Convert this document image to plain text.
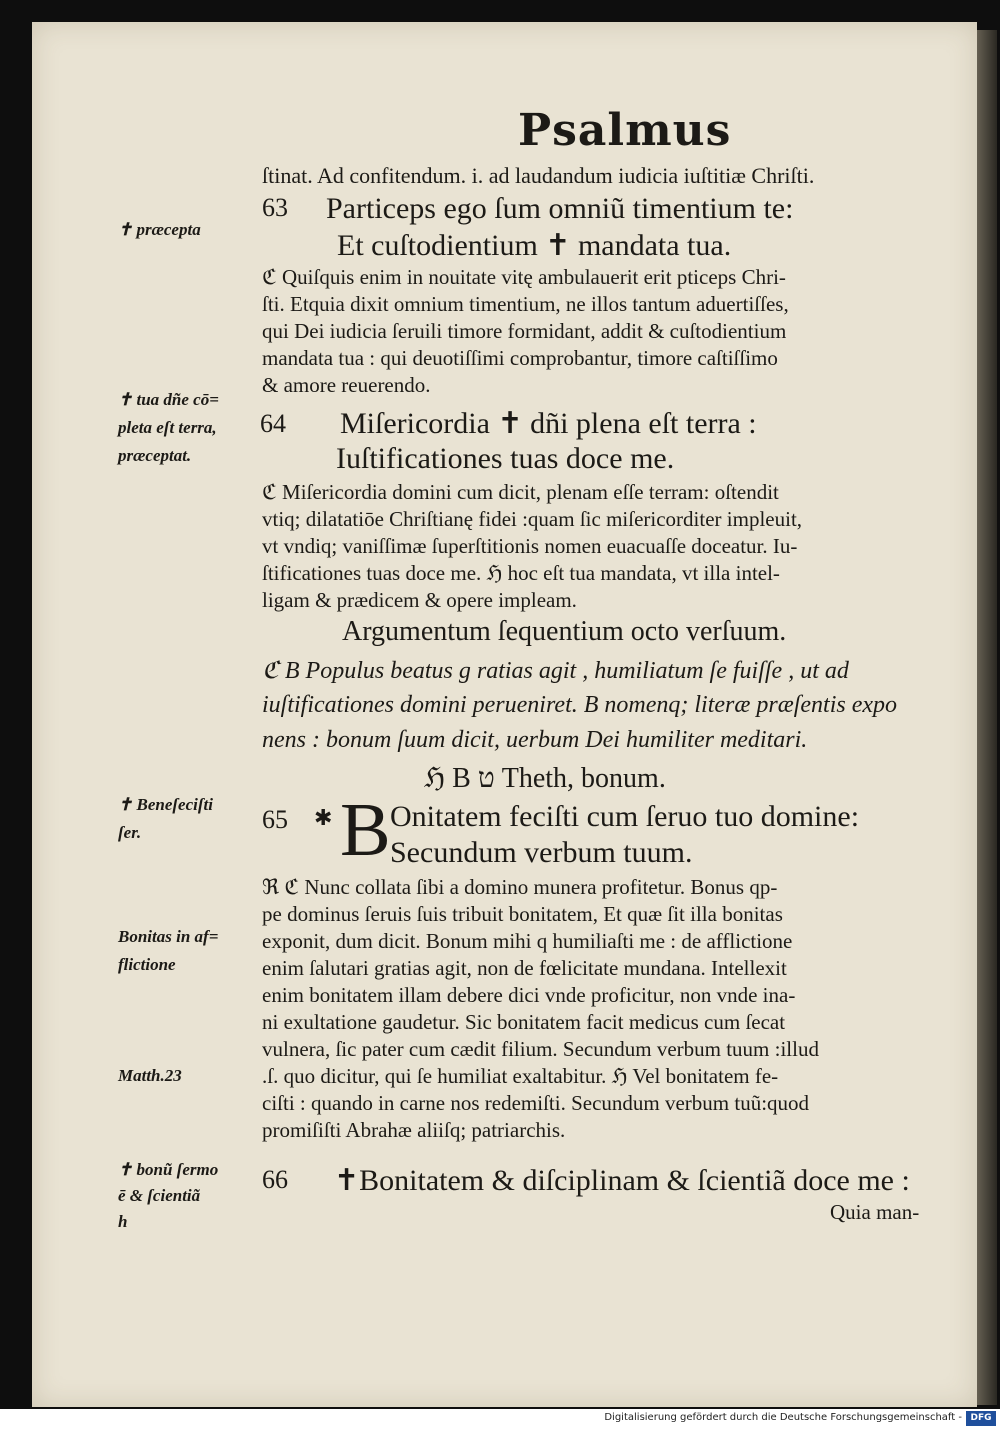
Psalmus
ſtinat. Ad confitendum. i. ad laudandum iudicia iuſtitiæ Chriſti.
63 Particeps ego ſum omniũ timentium te:
Et cuſtodientium ✝ mandata tua.
ℭ Quiſquis enim in nouitate vitę ambulauerit erit pticeps Chri-
ſti. Etquia dixit omnium timentium, ne illos tantum aduertiſſes,
qui Dei iudicia ſeruili timore formidant, addit & cuſtodientium
mandata tua : qui deuotiſſimi comprobantur, timore caſtiſſimo
& amore reuerendo.
64 Miſericordia ✝ dñi plena eſt terra :
Iuſtificationes tuas doce me.
ℭ Miſericordia domini cum dicit, plenam eſſe terram: oſtendit
vtiq; dilatatiōe Chriſtianę fidei :quam ſic miſericorditer impleuit,
vt vndiq; vaniſſimæ ſuperſtitionis nomen euacuaſſe doceatur. Iu-
ſtificationes tuas doce me. ℌ hoc eſt tua mandata, vt illa intel-
ligam & prædicem & opere impleam.
Argumentum ſequentium octo verſuum.
ℭ B Populus beatus g ratias agit , humiliatum ſe fuiſſe , ut ad
iuſtificationes domini perueniret. B nomenq; literæ præſentis expo
nens : bonum ſuum dicit, uerbum Dei humiliter meditari.
ℌ B ט Theth, bonum.
65 ✱ B Onitatem feciſti cum ſeruo tuo domine:
Secundum verbum tuum.
ℜ ℭ Nunc collata ſibi a domino munera profitetur. Bonus qp-
pe dominus ſeruis ſuis tribuit bonitatem, Et quæ ſit illa bonitas
exponit, dum dicit. Bonum mihi q humiliaſti me : de afflictione
enim ſalutari gratias agit, non de fœlicitate mundana. Intellexit
enim bonitatem illam debere dici vnde proficitur, non vnde ina-
ni exultatione gaudetur. Sic bonitatem facit medicus cum ſecat
vulnera, ſic pater cum cædit filium. Secundum verbum tuum :illud
.ſ. quo dicitur, qui ſe humiliat exaltabitur. ℌ Vel bonitatem fe-
ciſti : quando in carne nos redemiſti. Secundum verbum tuũ:quod
promiſiſti Abrahæ aliiſq; patriarchis.
66 ✝Bonitatem & diſciplinam & ſcientiã doce me :
Quia man-
✝ præcepta
✝ tua dñe cō=
pleta eſt terra,
præceptat.
✝ Beneſeciſti
ſer.
Bonitas in af=
flictione
Matth.23
✝ bonũ ſermo
ē & ſcientiã
h
Digitalisierung gefördert durch die Deutsche Forschungsgemeinschaft - DFG
